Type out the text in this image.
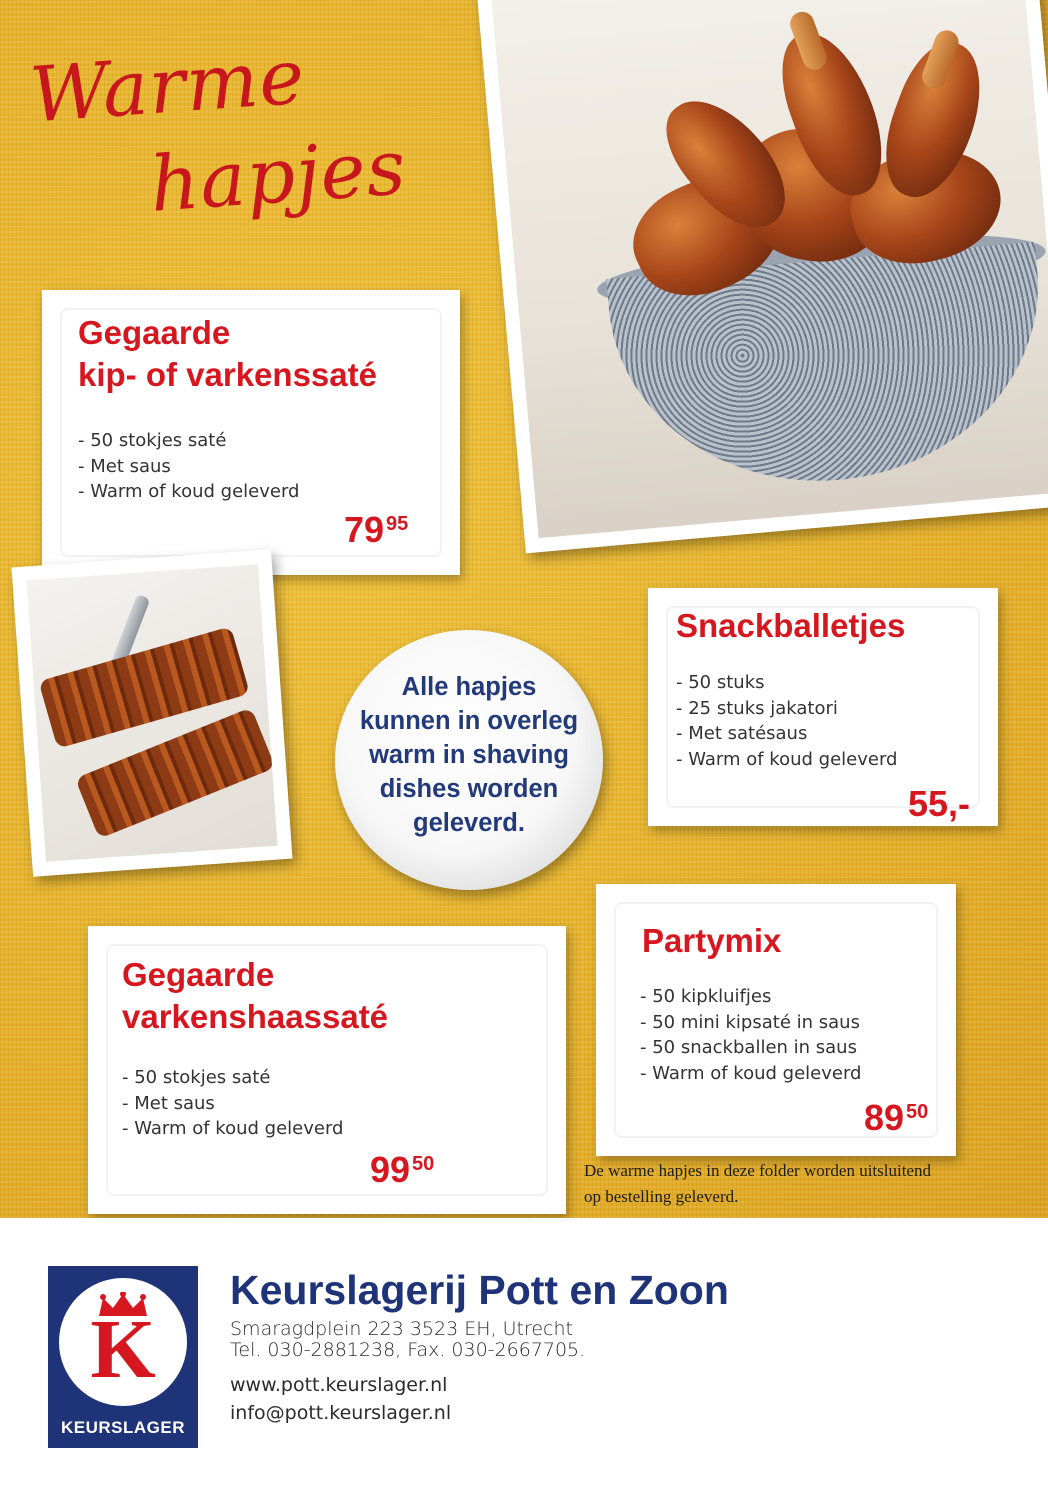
Warme
hapjes
Gegaarde
kip- of varkenssaté
- 50 stokjes saté
- Met saus
- Warm of koud geleverd
79 $^{95}$
Alle hapjes
kunnen in overleg
warm in shaving
dishes worden
geleverd.
Snackballetjes
- 50 stuks
- 25 stuks jakatori
- Met satésaus
- Warm of koud geleverd
55,-
Gegaarde
varkenshaassaté
- 50 stokjes saté
- Met saus
- Warm of koud geleverd
99 $^{50}$
Partymix
- 50 kipkluifjes
- 50 mini kipsaté in saus
- 50 snackballen in saus
- Warm of koud geleverd
89 $^{50}$
De warme hapjes in deze folder worden uitsluitend
op bestelling geleverd.
K
KEURSLAGER
Keurslagerij Pott en Zoon
Smaragdplein 223 3523 EH, Utrecht
Tel. 030-2881238, Fax. 030-2667705.
www.pott.keurslager.nl
info@pott.keurslager.nl
